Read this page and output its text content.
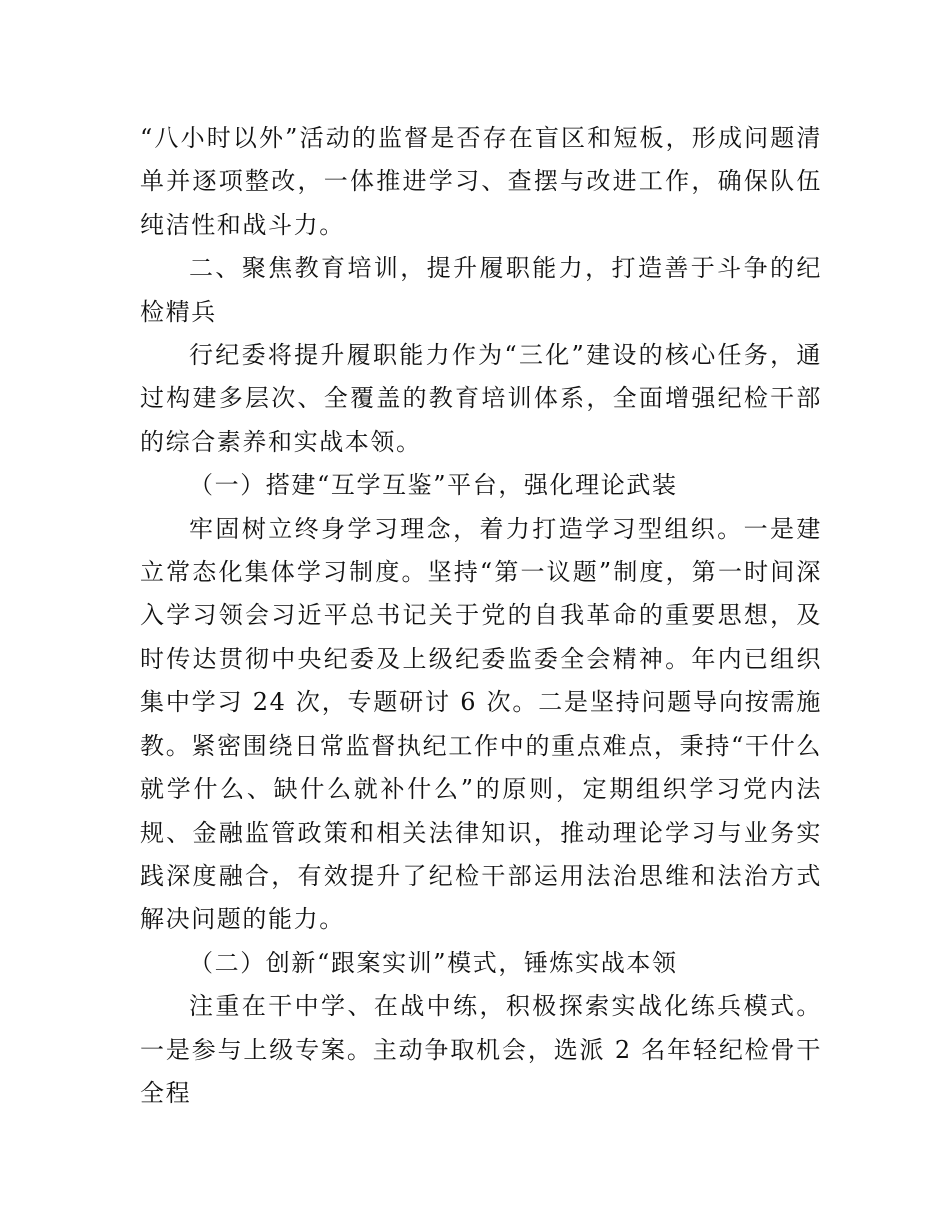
“八小时以外”活动的监督是否存在盲区和短板，形成问题清单并逐项整改，一体推进学习、查摆与改进工作，确保队伍纯洁性和战斗力。

二、聚焦教育培训，提升履职能力，打造善于斗争的纪检精兵

行纪委将提升履职能力作为“三化”建设的核心任务，通过构建多层次、全覆盖的教育培训体系，全面增强纪检干部的综合素养和实战本领。

（一）搭建“互学互鉴”平台，强化理论武装

牢固树立终身学习理念，着力打造学习型组织。一是建立常态化集体学习制度。坚持“第一议题”制度，第一时间深入学习领会习近平总书记关于党的自我革命的重要思想，及时传达贯彻中央纪委及上级纪委监委全会精神。年内已组织集中学习 24 次，专题研讨 6 次。二是坚持问题导向按需施教。紧密围绕日常监督执纪工作中的重点难点，秉持“干什么就学什么、缺什么就补什么”的原则，定期组织学习党内法规、金融监管政策和相关法律知识，推动理论学习与业务实践深度融合，有效提升了纪检干部运用法治思维和法治方式解决问题的能力。

（二）创新“跟案实训”模式，锤炼实战本领

注重在干中学、在战中练，积极探索实战化练兵模式。一是参与上级专案。主动争取机会，选派 2 名年轻纪检骨干全程
